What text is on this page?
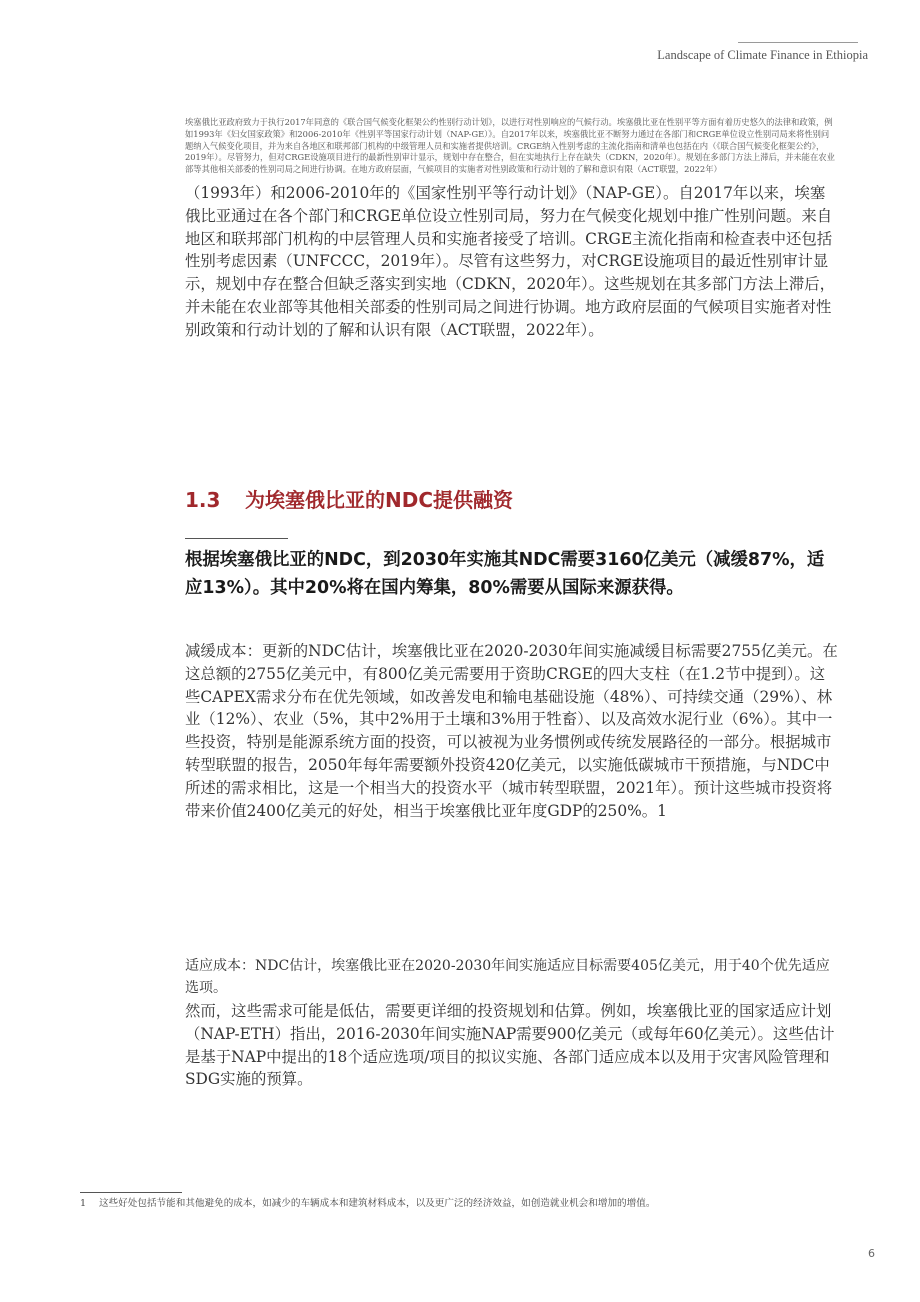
Landscape of Climate Finance in Ethiopia
埃塞俄比亚政府致力于执行2017年同意的《联合国气候变化框架公约性别行动计划》，以进行对性别响应的气候行动。埃塞俄比亚在性别平等方面有着历史悠久的法律和政策，例如1993年《妇女国家政策》和2006-2010年《性别平等国家行动计划（NAP-GE）》。自2017年以来，埃塞俄比亚不断努力通过在各部门和CRGE单位设立性别司局来将性别问题纳入气候变化项目，并为来自各地区和联邦部门机构的中级管理人员和实施者提供培训。CRGE纳入性别考虑的主流化指南和清单也包括在内（《联合国气候变化框架公约》，2019年）。尽管努力，但对CRGE设施项目进行的最新性别审计显示，规划中存在整合，但在实地执行上存在缺失（CDKN，2020年）。规划在多部门方法上滞后，并未能在农业部等其他相关部委的性别司局之间进行协调。在地方政府层面，气候项目的实施者对性别政策和行动计划的了解和意识有限（ACT联盟，2022年）
（1993年）和2006-2010年的《国家性别平等行动计划》（NAP-GE）。自2017年以来，埃塞俄比亚通过在各个部门和CRGE单位设立性别司局，努力在气候变化规划中推广性别问题。来自地区和联邦部门机构的中层管理人员和实施者接受了培训。CRGE主流化指南和检查表中还包括性别考虑因素（UNFCCC，2019年）。尽管有这些努力，对CRGE设施项目的最近性别审计显示，规划中存在整合但缺乏落实到实地（CDKN，2020年）。这些规划在其多部门方法上滞后，并未能在农业部等其他相关部委的性别司局之间进行协调。地方政府层面的气候项目实施者对性别政策和行动计划的了解和认识有限（ACT联盟，2022年）。
1.3 为埃塞俄比亚的NDC提供融资
根据埃塞俄比亚的NDC，到2030年实施其NDC需要3160亿美元（减缓87%，适应13%）。其中20%将在国内筹集，80%需要从国际来源获得。
减缓成本：更新的NDC估计，埃塞俄比亚在2020-2030年间实施减缓目标需要2755亿美元。在这总额的2755亿美元中，有800亿美元需要用于资助CRGE的四大支柱（在1.2节中提到）。这些CAPEX需求分布在优先领域，如改善发电和输电基础设施（48%）、可持续交通（29%）、林业（12%）、农业（5%，其中2%用于土壤和3%用于牲畜）、以及高效水泥行业（6%）。其中一些投资，特别是能源系统方面的投资，可以被视为业务惯例或传统发展路径的一部分。根据城市转型联盟的报告，2050年每年需要额外投资420亿美元，以实施低碳城市干预措施，与NDC中所述的需求相比，这是一个相当大的投资水平（城市转型联盟，2021年）。预计这些城市投资将带来价值2400亿美元的好处，相当于埃塞俄比亚年度GDP的250%。1
适应成本：NDC估计，埃塞俄比亚在2020-2030年间实施适应目标需要405亿美元，用于40个优先适应选项。
然而，这些需求可能是低估，需要更详细的投资规划和估算。例如，埃塞俄比亚的国家适应计划（NAP-ETH）指出，2016-2030年间实施NAP需要900亿美元（或每年60亿美元）。这些估计是基于NAP中提出的18个适应选项/项目的拟议实施、各部门适应成本以及用于灾害风险管理和SDG实施的预算。
1 这些好处包括节能和其他避免的成本，如减少的车辆成本和建筑材料成本，以及更广泛的经济效益，如创造就业机会和增加的增值。
6
